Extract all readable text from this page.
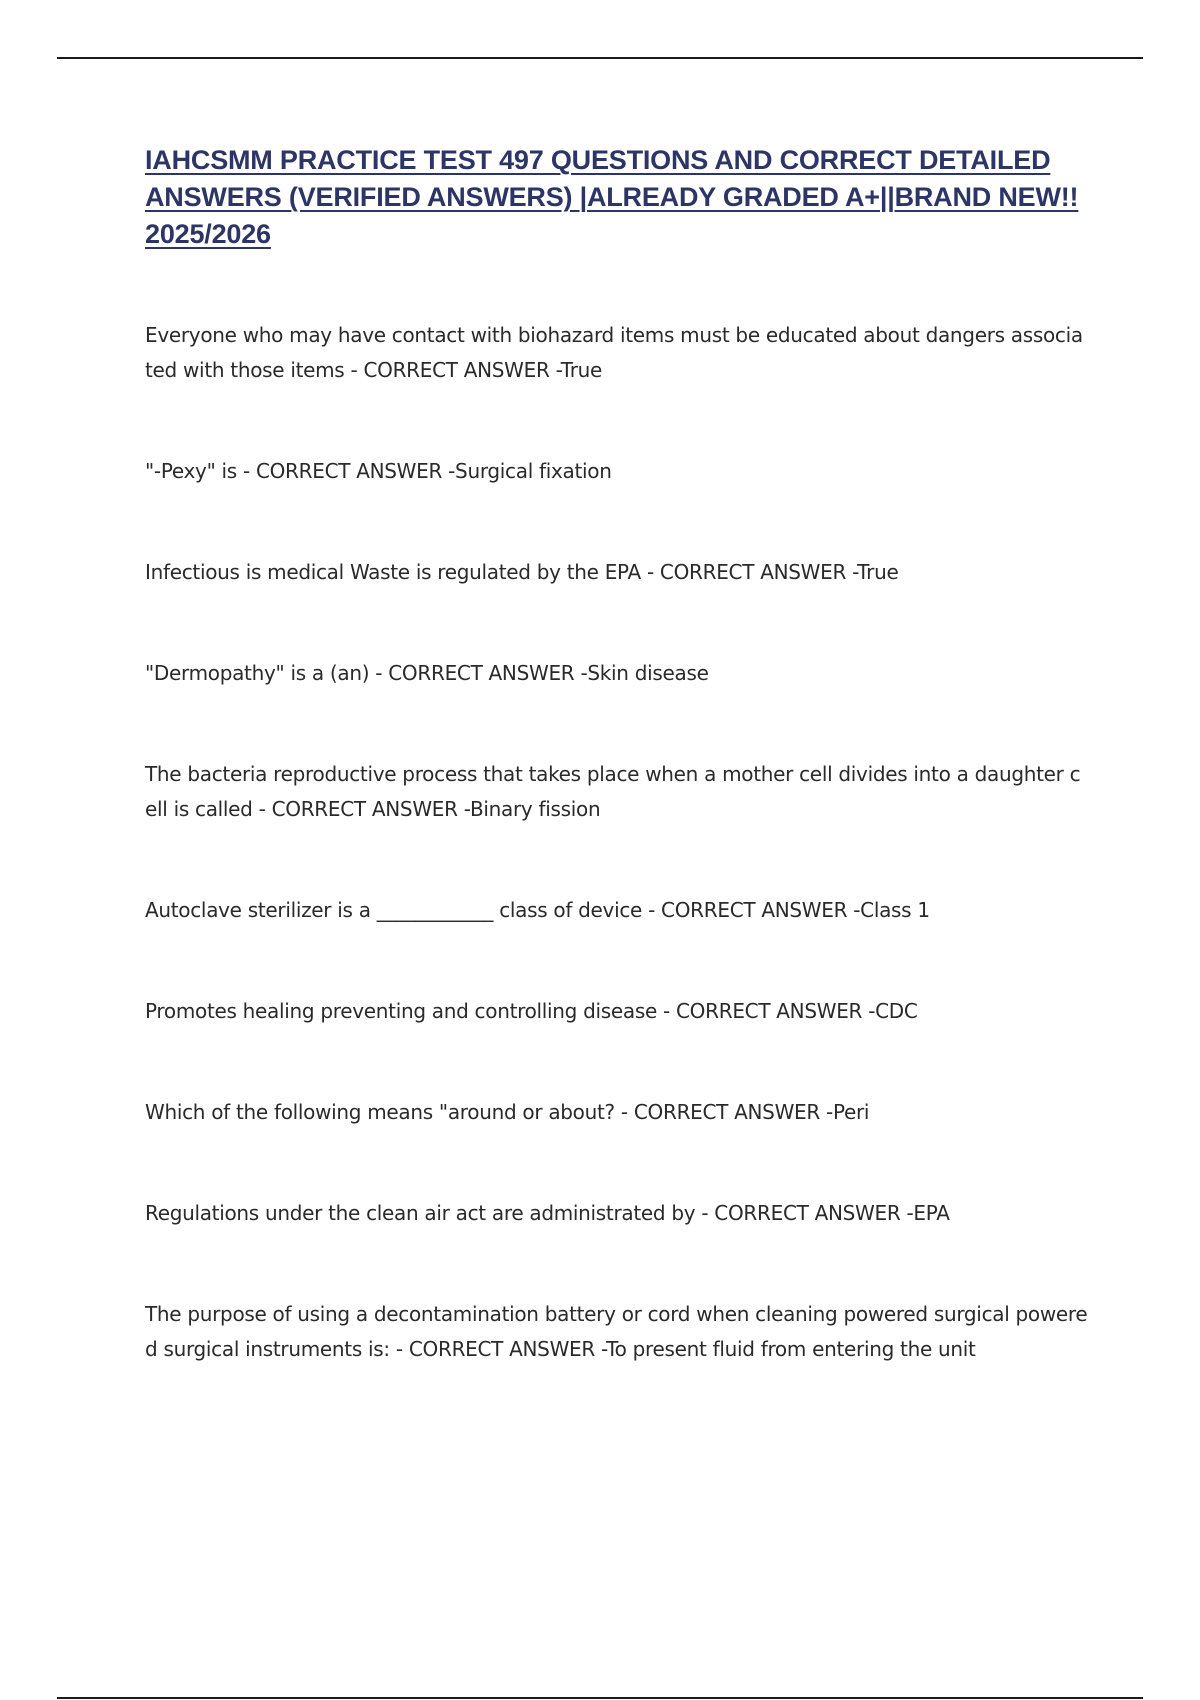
IAHCSMM PRACTICE TEST 497 QUESTIONS AND CORRECT DETAILED ANSWERS (VERIFIED ANSWERS) |ALREADY GRADED A+||BRAND NEW!! 2025/2026
Everyone who may have contact with biohazard items must be educated about dangers associated with those items - CORRECT ANSWER -True
"-Pexy" is - CORRECT ANSWER -Surgical fixation
Infectious is medical Waste is regulated by the EPA - CORRECT ANSWER -True
"Dermopathy" is a (an) - CORRECT ANSWER -Skin disease
The bacteria reproductive process that takes place when a mother cell divides into a daughter cell is called - CORRECT ANSWER -Binary fission
Autoclave sterilizer is a ____________ class of device - CORRECT ANSWER -Class 1
Promotes healing preventing and controlling disease - CORRECT ANSWER -CDC
Which of the following means "around or about? - CORRECT ANSWER -Peri
Regulations under the clean air act are administrated by - CORRECT ANSWER -EPA
The purpose of using a decontamination battery or cord when cleaning powered surgical powered surgical instruments is: - CORRECT ANSWER -To present fluid from entering the unit
